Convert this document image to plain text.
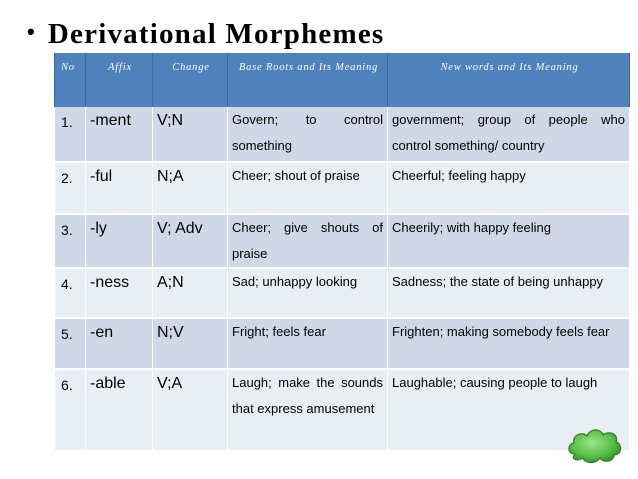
• Derivational Morphemes
No	Affix	Change	Base Roots and Its Meaning	New words and Its Meaning
1.	-ment	V;N	Govern; to control something	government; group of people who control something/ country
2.	-ful	N;A	Cheer; shout of praise	Cheerful; feeling happy
3.	-ly	V; Adv	Cheer; give shouts of praise	Cheerily; with happy feeling
4.	-ness	A;N	Sad; unhappy looking	Sadness; the state of being unhappy
5.	-en	N;V	Fright; feels fear	Frighten; making somebody feels fear
6.	-able	V;A	Laugh; make the sounds that express amusement	Laughable; causing people to laugh
